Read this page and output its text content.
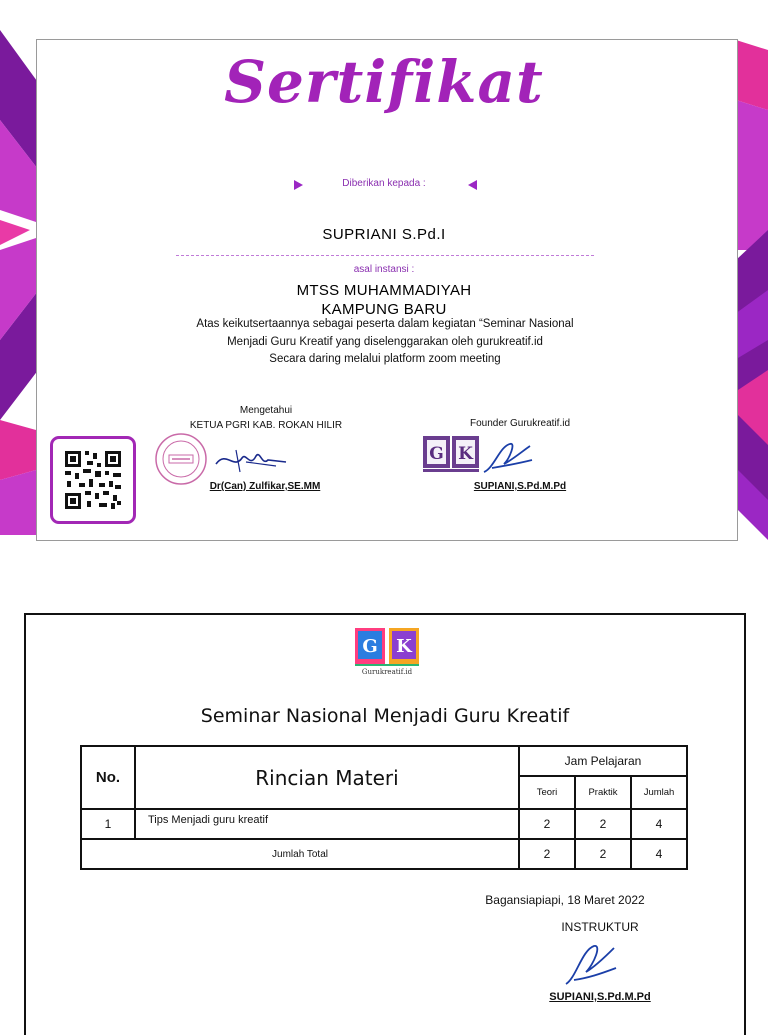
Sertifikat
Diberikan kepada :
SUPRIANI S.Pd.I
asal instansi :
MTSS MUHAMMADIYAH
KAMPUNG BARU
Atas keikutsertaannya sebagai peserta dalam kegiatan “Seminar Nasional
Menjadi Guru Kreatif yang diselenggarakan oleh gurukreatif.id
Secara daring melalui platform zoom meeting
Mengetahui
KETUA PGRI KAB. ROKAN HILIR	Founder Gurukreatif.id
Dr(Can) Zulfikar,SE.MM
G K
SUPIANI,S.Pd.M.Pd
G K
Gurukreatif.id
Seminar Nasional Menjadi Guru Kreatif
No.	Rincian Materi	Jam Pelajaran		
		Teori	Praktik	Jumlah
1	Tips Menjadi guru kreatif	2	2	4
Jumlah Total		2	2	4
Bagansiapiapi, 18 Maret 2022
INSTRUKTUR
SUPIANI,S.Pd.M.Pd
